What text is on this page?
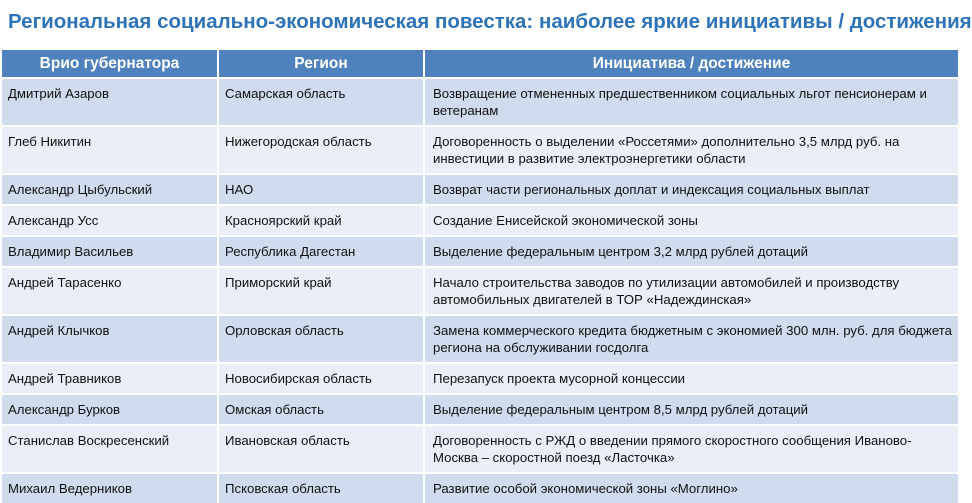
Региональная социально-экономическая повестка: наиболее яркие инициативы / достижения
Врио губернатора	Регион	Инициатива / достижение
Дмитрий Азаров	Самарская область	Возвращение отмененных предшественником социальных льгот пенсионерам и ветеранам
Глеб Никитин	Нижегородская область	Договоренность о выделении «Россетями» дополнительно 3,5 млрд руб. на инвестиции в развитие электроэнергетики области
Александр Цыбульский	НАО	Возврат части региональных доплат и индексация социальных выплат
Александр Усс	Красноярский край	Создание Енисейской экономической зоны
Владимир Васильев	Республика Дагестан	Выделение федеральным центром 3,2 млрд рублей дотаций
Андрей Тарасенко	Приморский край	Начало строительства заводов по утилизации автомобилей и производству автомобильных двигателей в ТОР «Надеждинская»
Андрей Клычков	Орловская область	Замена коммерческого кредита бюджетным с экономией 300 млн. руб. для бюджета региона на обслуживании госдолга
Андрей Травников	Новосибирская область	Перезапуск проекта мусорной концессии
Александр Бурков	Омская область	Выделение федеральным центром 8,5 млрд рублей дотаций
Станислав Воскресенский	Ивановская область	Договоренность с РЖД о введении прямого скоростного сообщения Иваново-Москва – скоростной поезд «Ласточка»
Михаил Ведерников	Псковская область	Развитие особой экономической зоны «Моглино»
